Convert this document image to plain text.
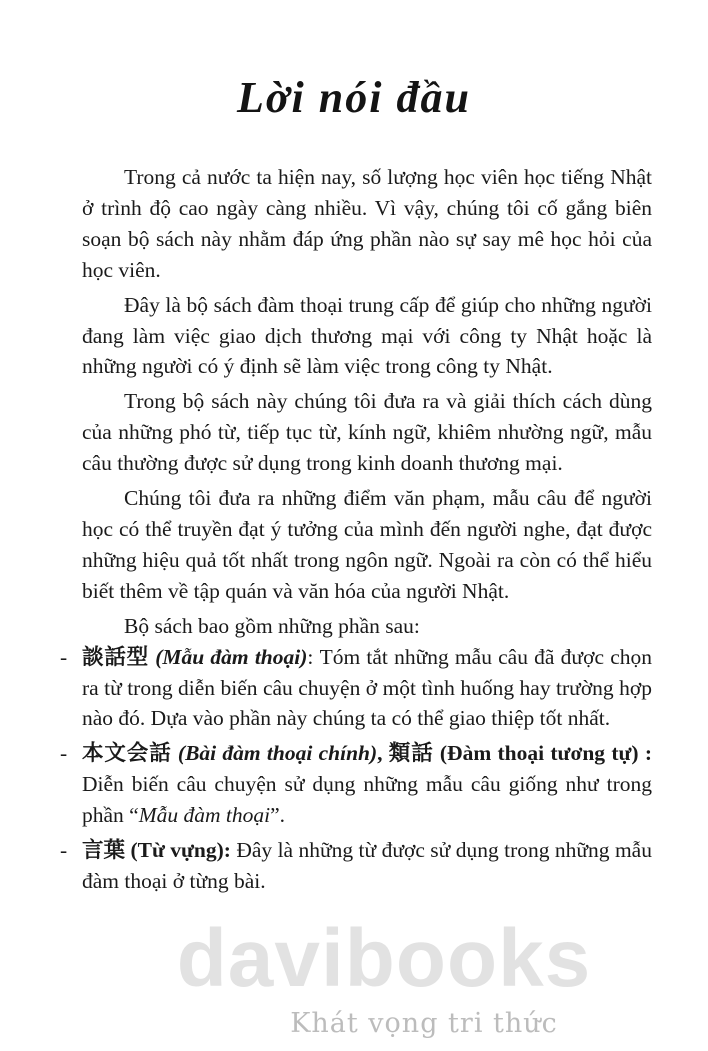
Lời nói đầu

Trong cả nước ta hiện nay, số lượng học viên học tiếng Nhật ở trình độ cao ngày càng nhiều. Vì vậy, chúng tôi cố gắng biên soạn bộ sách này nhằm đáp ứng phần nào sự say mê học hỏi của học viên.

Đây là bộ sách đàm thoại trung cấp để giúp cho những người đang làm việc giao dịch thương mại với công ty Nhật hoặc là những người có ý định sẽ làm việc trong công ty Nhật.

Trong bộ sách này chúng tôi đưa ra và giải thích cách dùng của những phó từ, tiếp tục từ, kính ngữ, khiêm nhường ngữ, mẫu câu thường được sử dụng trong kinh doanh thương mại.

Chúng tôi đưa ra những điểm văn phạm, mẫu câu để người học có thể truyền đạt ý tưởng của mình đến người nghe, đạt được những hiệu quả tốt nhất trong ngôn ngữ. Ngoài ra còn có thể hiểu biết thêm về tập quán và văn hóa của người Nhật.

Bộ sách bao gồm những phần sau:

- 談話型 (Mẫu đàm thoại): Tóm tắt những mẫu câu đã được chọn ra từ trong diễn biến câu chuyện ở một tình huống hay trường hợp nào đó. Dựa vào phần này chúng ta có thể giao thiệp tốt nhất.
- 本文会話 (Bài đàm thoại chính), 類話 (Đàm thoại tương tự) : Diễn biến câu chuyện sử dụng những mẫu câu giống như trong phần “Mẫu đàm thoại”.
- 言葉 (Từ vựng): Đây là những từ được sử dụng trong những mẫu đàm thoại ở từng bài.
davibooks
Khát vọng tri thức
